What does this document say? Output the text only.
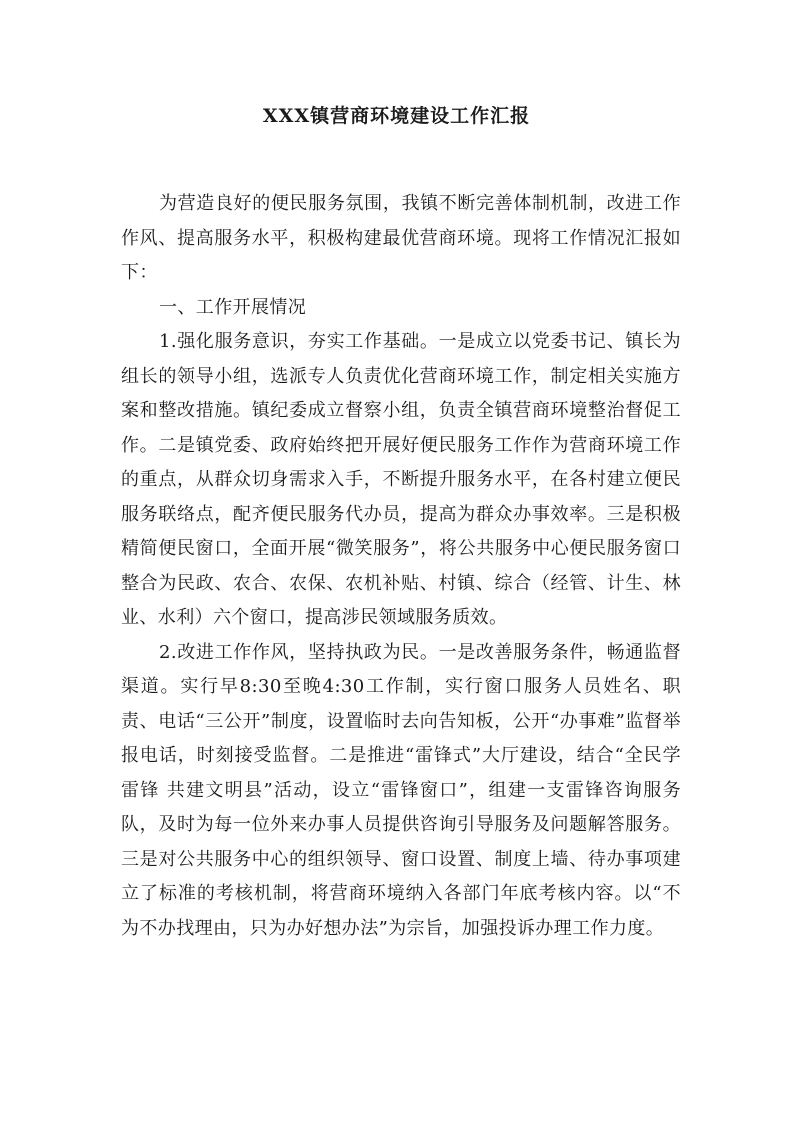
XXX镇营商环境建设工作汇报

为营造良好的便民服务氛围，我镇不断完善体制机制，改进工作作风、提高服务水平，积极构建最优营商环境。现将工作情况汇报如下：

一、工作开展情况

1.强化服务意识，夯实工作基础。一是成立以党委书记、镇长为组长的领导小组，选派专人负责优化营商环境工作，制定相关实施方案和整改措施。镇纪委成立督察小组，负责全镇营商环境整治督促工作。二是镇党委、政府始终把开展好便民服务工作作为营商环境工作的重点，从群众切身需求入手，不断提升服务水平，在各村建立便民服务联络点，配齐便民服务代办员，提高为群众办事效率。三是积极精简便民窗口，全面开展“微笑服务”，将公共服务中心便民服务窗口整合为民政、农合、农保、农机补贴、村镇、综合（经管、计生、林业、水利）六个窗口，提高涉民领域服务质效。

2.改进工作作风，坚持执政为民。一是改善服务条件，畅通监督渠道。实行早8:30至晚4:30工作制，实行窗口服务人员姓名、职责、电话“三公开”制度，设置临时去向告知板，公开“办事难”监督举报电话，时刻接受监督。二是推进“雷锋式”大厅建设，结合“全民学雷锋 共建文明县”活动，设立“雷锋窗口”，组建一支雷锋咨询服务队，及时为每一位外来办事人员提供咨询引导服务及问题解答服务。三是对公共服务中心的组织领导、窗口设置、制度上墙、待办事项建立了标准的考核机制，将营商环境纳入各部门年底考核内容。以“不为不办找理由，只为办好想办法”为宗旨，加强投诉办理工作力度。
